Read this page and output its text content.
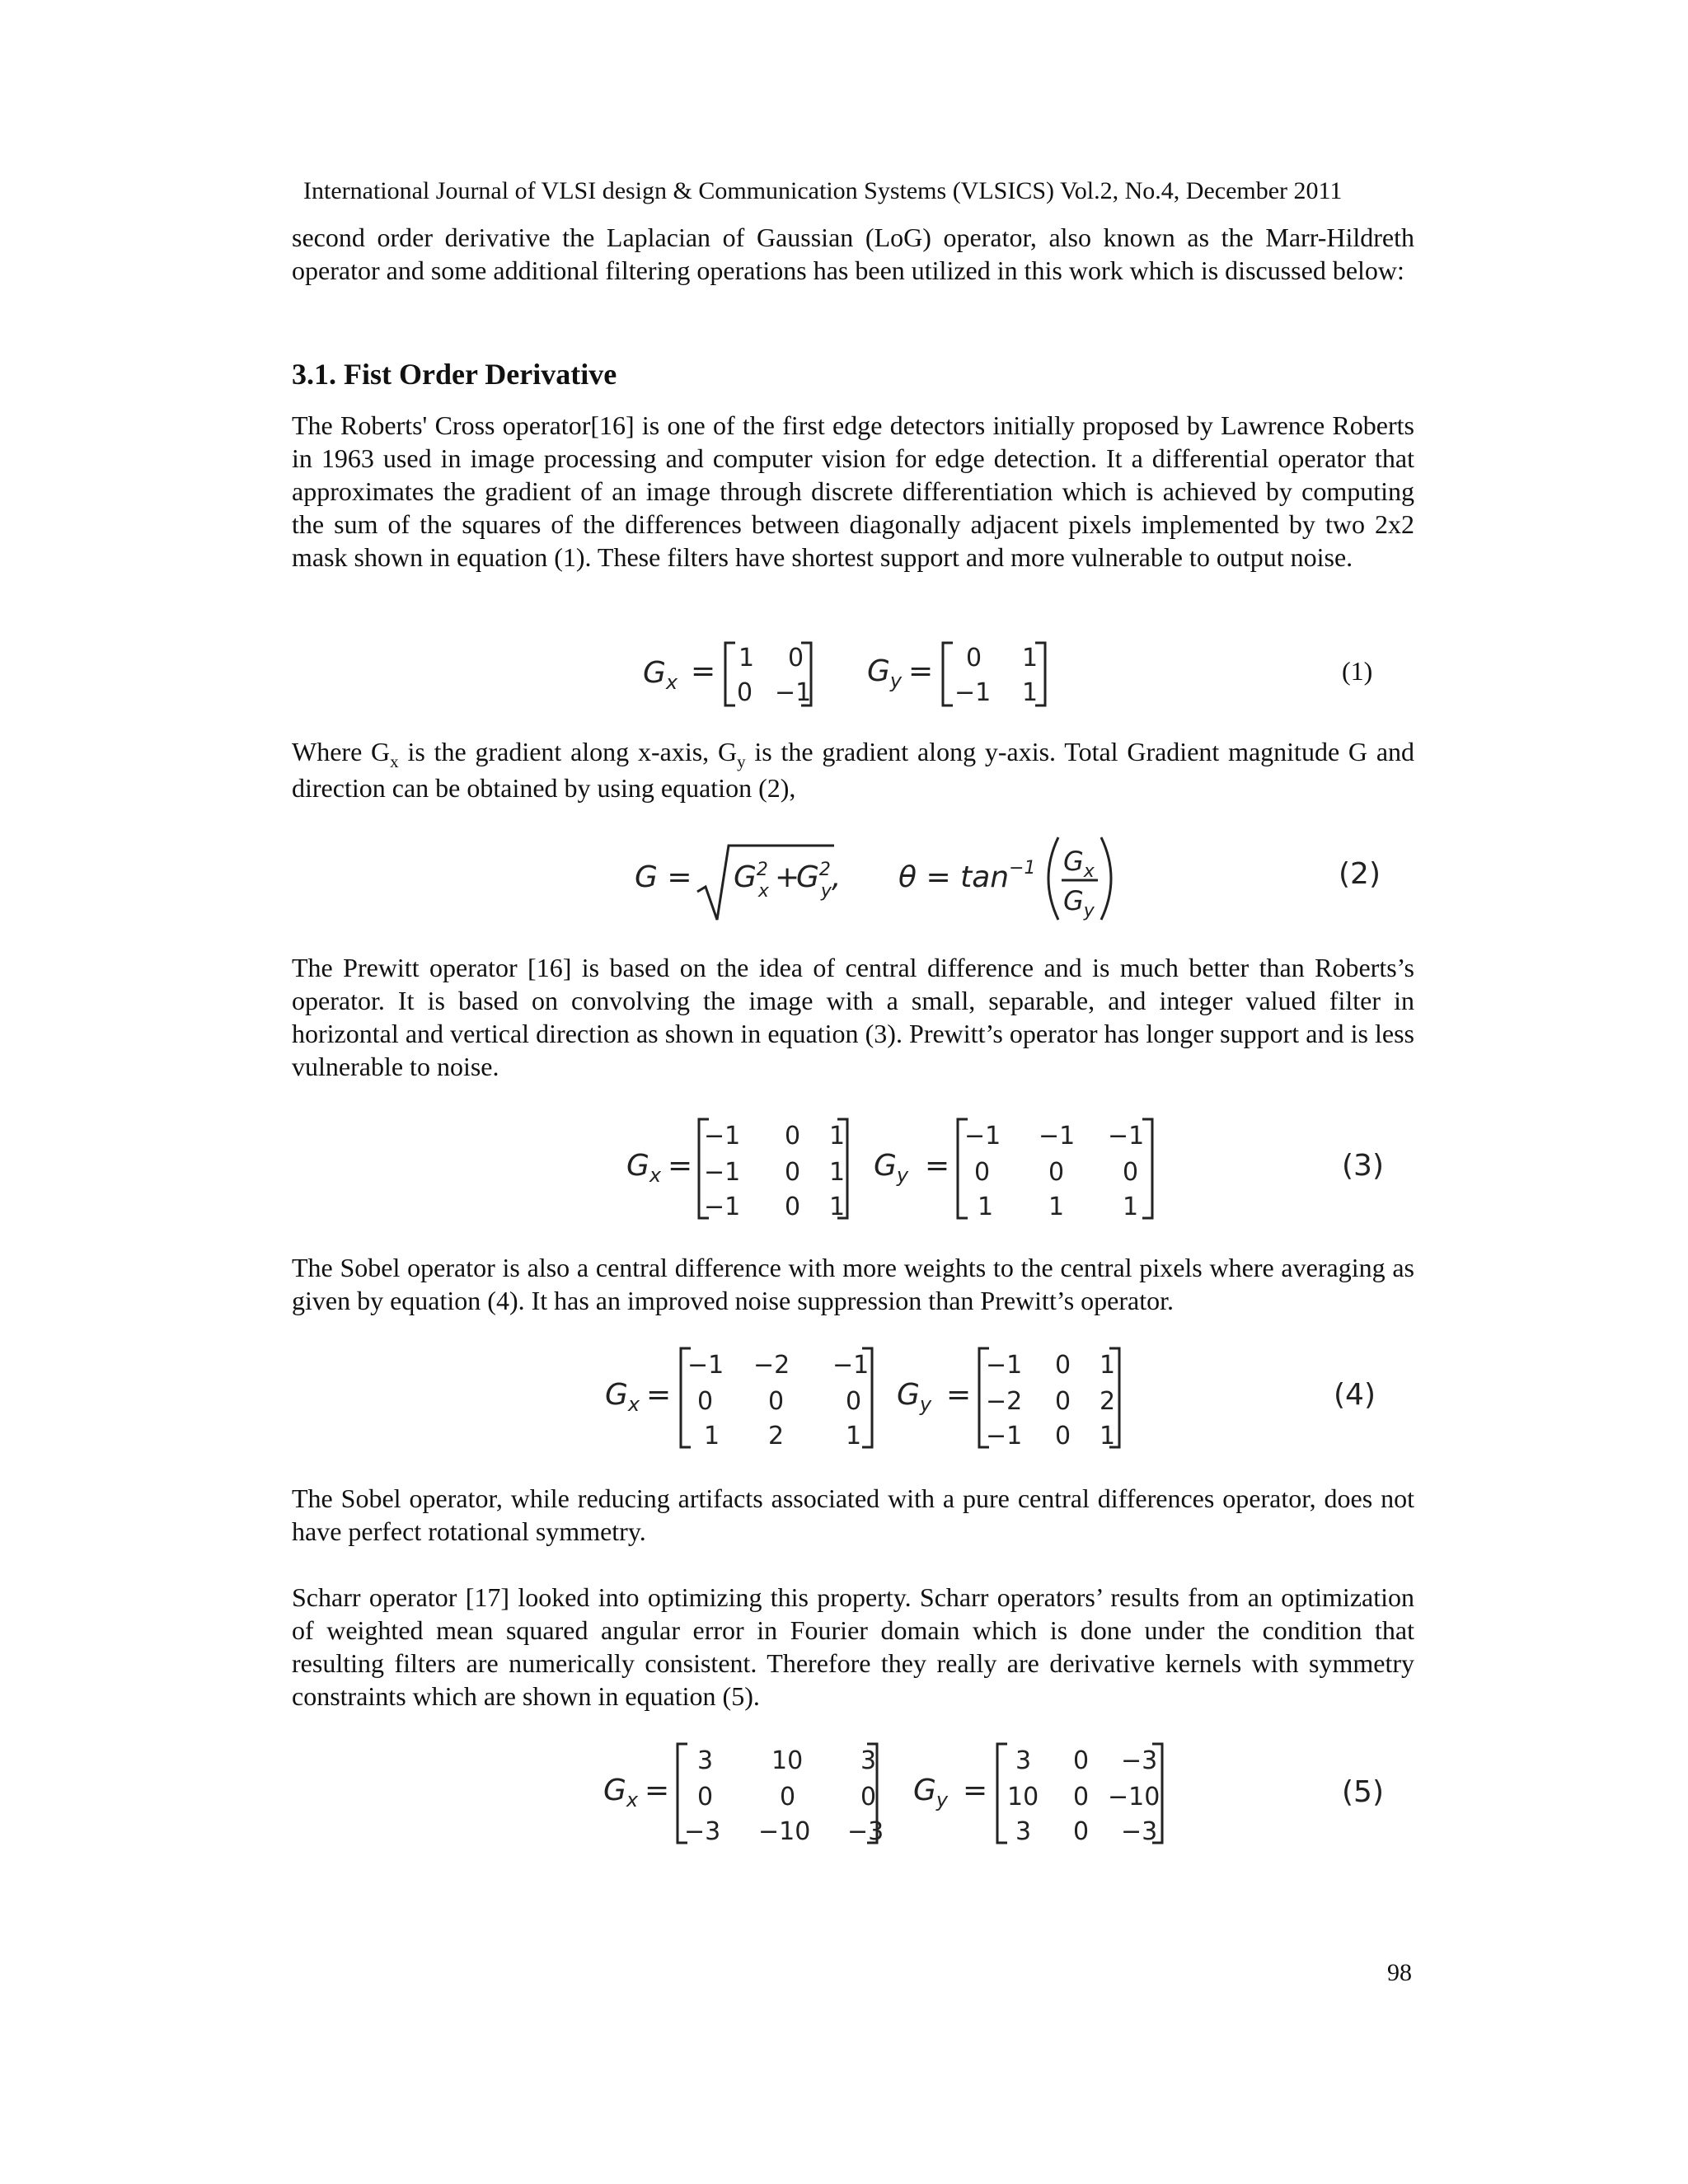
International Journal of VLSI design & Communication Systems (VLSICS) Vol.2, No.4, December 2011

second order derivative the Laplacian of Gaussian (LoG) operator, also known as the Marr-Hildreth operator and some additional filtering operations has been utilized in this work which is discussed below:

3.1. Fist Order Derivative

The Roberts' Cross operator[16] is one of the first edge detectors initially proposed by Lawrence Roberts in 1963 used in image processing and computer vision for edge detection. It a differential operator that approximates the gradient of an image through discrete differentiation which is achieved by computing the sum of the squares of the differences between diagonally adjacent pixels implemented by two 2x2 mask shown in equation (1). These filters have shortest support and more vulnerable to output noise.

$G_x = 1$ 0
0 −1
$G_y = 0$ 1
−1 1
(1)

Where $G_x$ is the gradient along x-axis, $G_y$ is the gradient along y-axis. Total Gradient magnitude G and direction can be obtained by using equation (2),

$G = G^2$ x +
$G^2$ y, $\theta = \tan^{-1} G_x$
$G_y$
(2)

The Prewitt operator [16] is based on the idea of central difference and is much better than Roberts’s operator. It is based on convolving the image with a small, separable, and integer valued filter in horizontal and vertical direction as shown in equation (3). Prewitt’s operator has longer support and is less vulnerable to noise.

$G_x$ =
−1 0 1
−1 0 1
−1 0 1
$G_y$ =
−1 −1 −1
0 0 0
1 1 1
(3)

The Sobel operator is also a central difference with more weights to the central pixels where averaging as given by equation (4). It has an improved noise suppression than Prewitt’s operator.

$G_x$ =
−1 −2 −1
0 0 0
1 2 1
$G_y$ =
−1 0 1
−2 0 2
−1 0 1
(4)

The Sobel operator, while reducing artifacts associated with a pure central differences operator, does not have perfect rotational symmetry.

Scharr operator [17] looked into optimizing this property. Scharr operators’ results from an optimization of weighted mean squared angular error in Fourier domain which is done under the condition that resulting filters are numerically consistent. Therefore they really are derivative kernels with symmetry constraints which are shown in equation (5).

$G_x$ =
3 10 3
0	0	0
−3 −10 −3
$G_y$ =
3 0 −3
10 0 −10
3 0 −3
(5)
98
